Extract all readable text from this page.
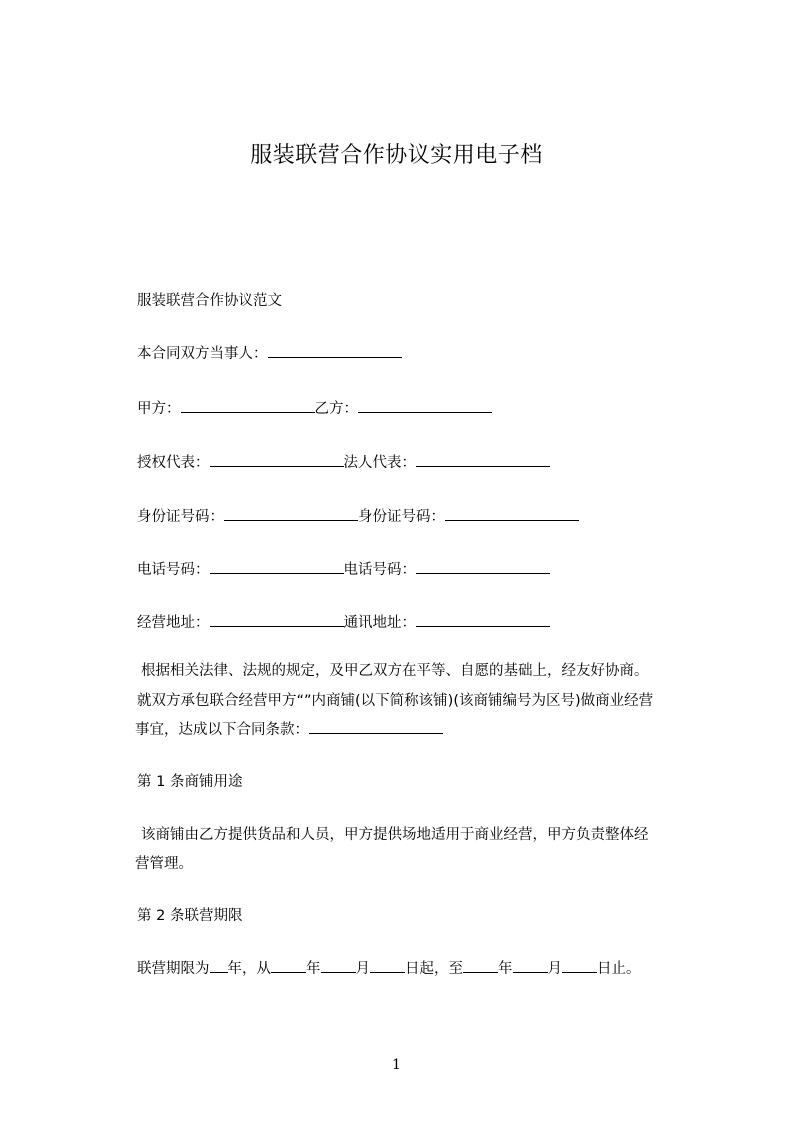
服装联营合作协议实用电子档
服装联营合作协议范文
本合同双方当事人：
甲方：	乙方：
授权代表：	法人代表：
身份证号码：	身份证号码：
电话号码：	电话号码：
经营地址：	通讯地址：
根据相关法律、法规的规定，及甲乙双方在平等、自愿的基础上，经友好协商。
就双方承包联合经营甲方“”内商铺(以下简称该铺)(该商铺编号为区号)做商业经营
事宜，达成以下合同条款：
第 1 条商铺用途
该商铺由乙方提供货品和人员，甲方提供场地适用于商业经营，甲方负责整体经
营管理。
第 2 条联营期限
联营期限为 年，从 年 月 日起，至 年 月 日止。
1
